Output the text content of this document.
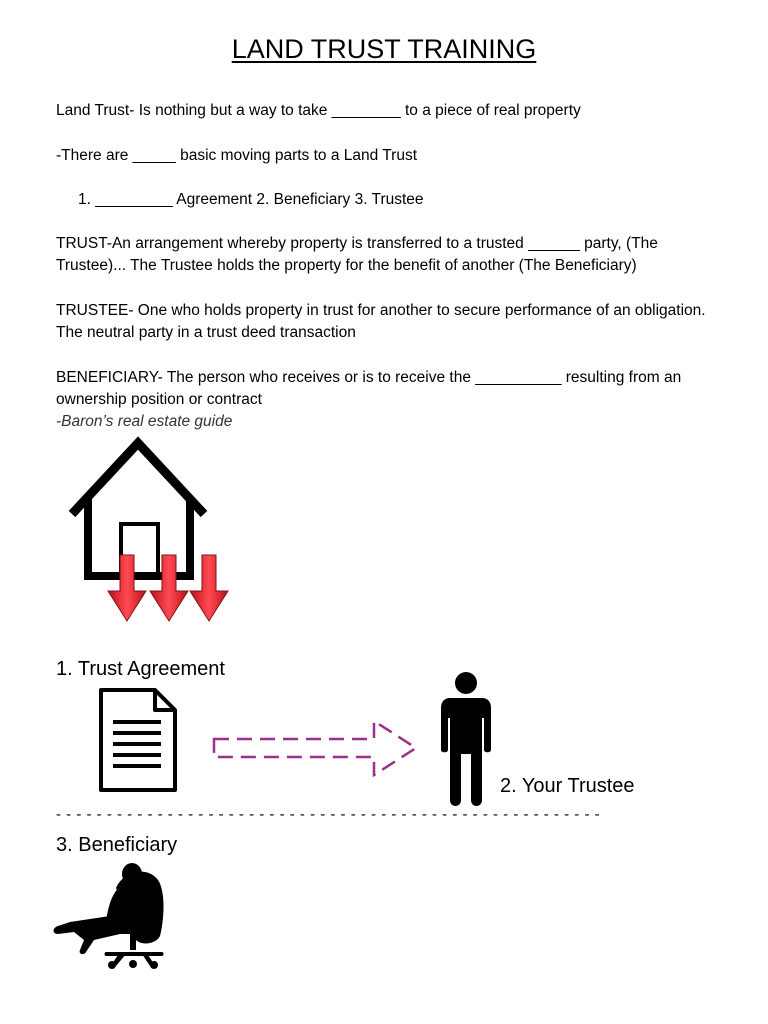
LAND TRUST TRAINING
Land Trust- Is nothing but a way to take ________ to a piece of real property
-There are _____ basic moving parts to a Land Trust
1. _________ Agreement 2. Beneficiary 3. Trustee
TRUST-An arrangement whereby property is transferred to a trusted ______ party, (The Trustee)... The Trustee holds the property for the benefit of another (The Beneficiary)
TRUSTEE- One who holds property in trust for another to secure performance of an obligation. The neutral party in a trust deed transaction
BENEFICIARY- The person who receives or is to receive the __________ resulting from an ownership position or contract
-Baron’s real estate guide
1. Trust Agreement
2. Your Trustee
- - - - - - - - - - - - - - - - - - - - - - - - - - - - - - - - - - - - - - - - - - - - - - - - - - - - - -
3. Beneficiary
